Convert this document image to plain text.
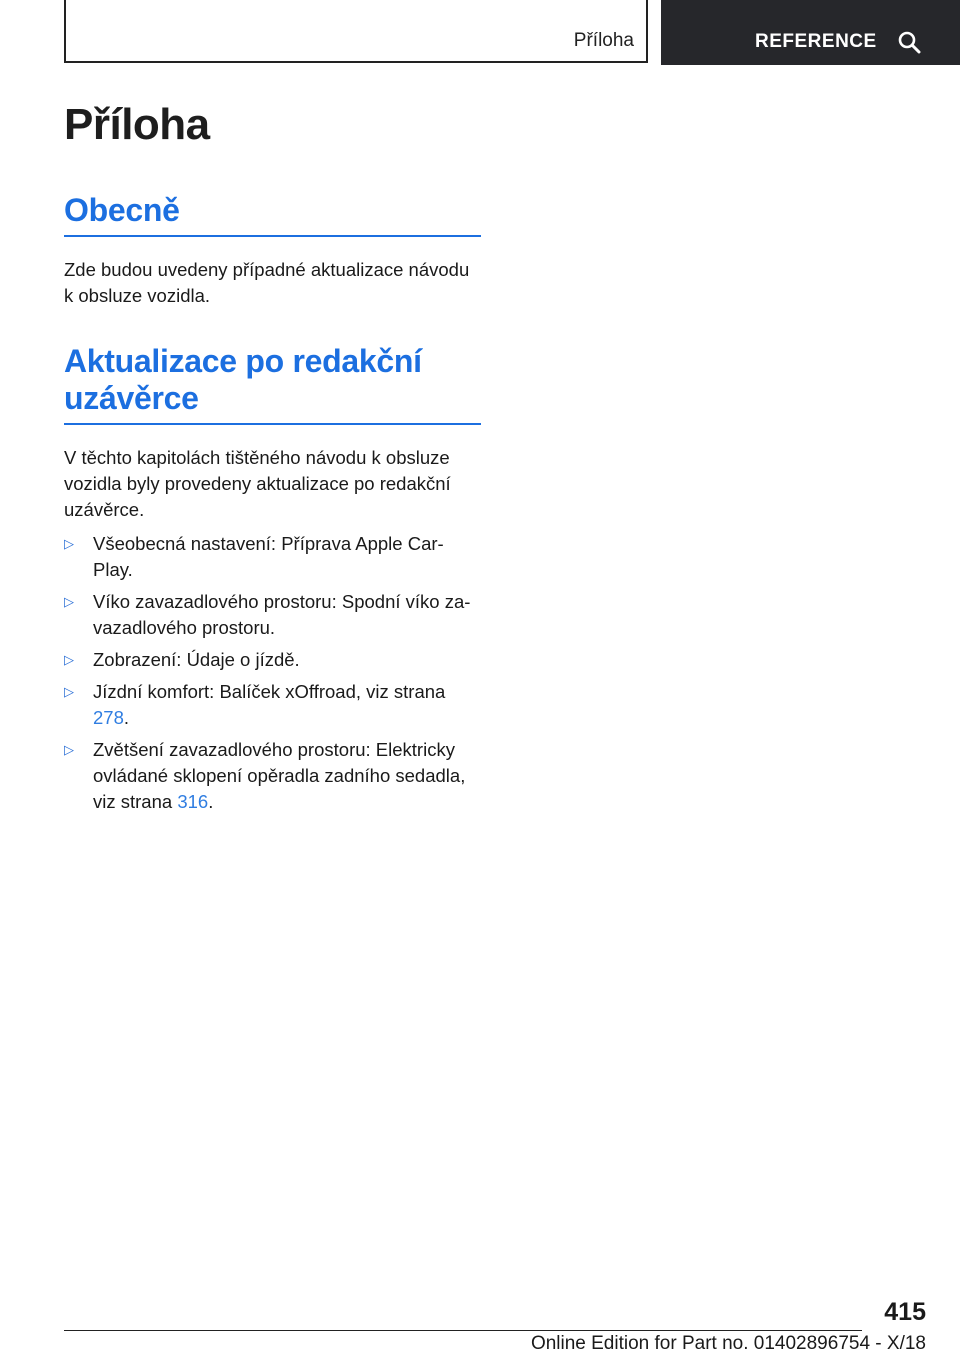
Příloha	REFERENCE
Příloha
Obecně

Zde budou uvedeny případné aktualizace návodu k obsluze vozidla.

Aktualizace po redakční uzávěrce

V těchto kapitolách tištěného návodu k obsluze vozidla byly provedeny aktualizace po redakční uzávěrce.

▷ Všeobecná nastavení: Příprava Apple Car‐Play.
▷ Víko zavazadlového prostoru: Spodní víko za‐vazadlového prostoru.
▷ Zobrazení: Údaje o jízdě.
▷ Jízdní komfort: Balíček xOffroad, viz strana 278.
▷ Zvětšení zavazadlového prostoru: Elektricky ovládané sklopení opěradla zadního sedadla, viz strana 316.
415
Online Edition for Part no. 01402896754 - X/18
